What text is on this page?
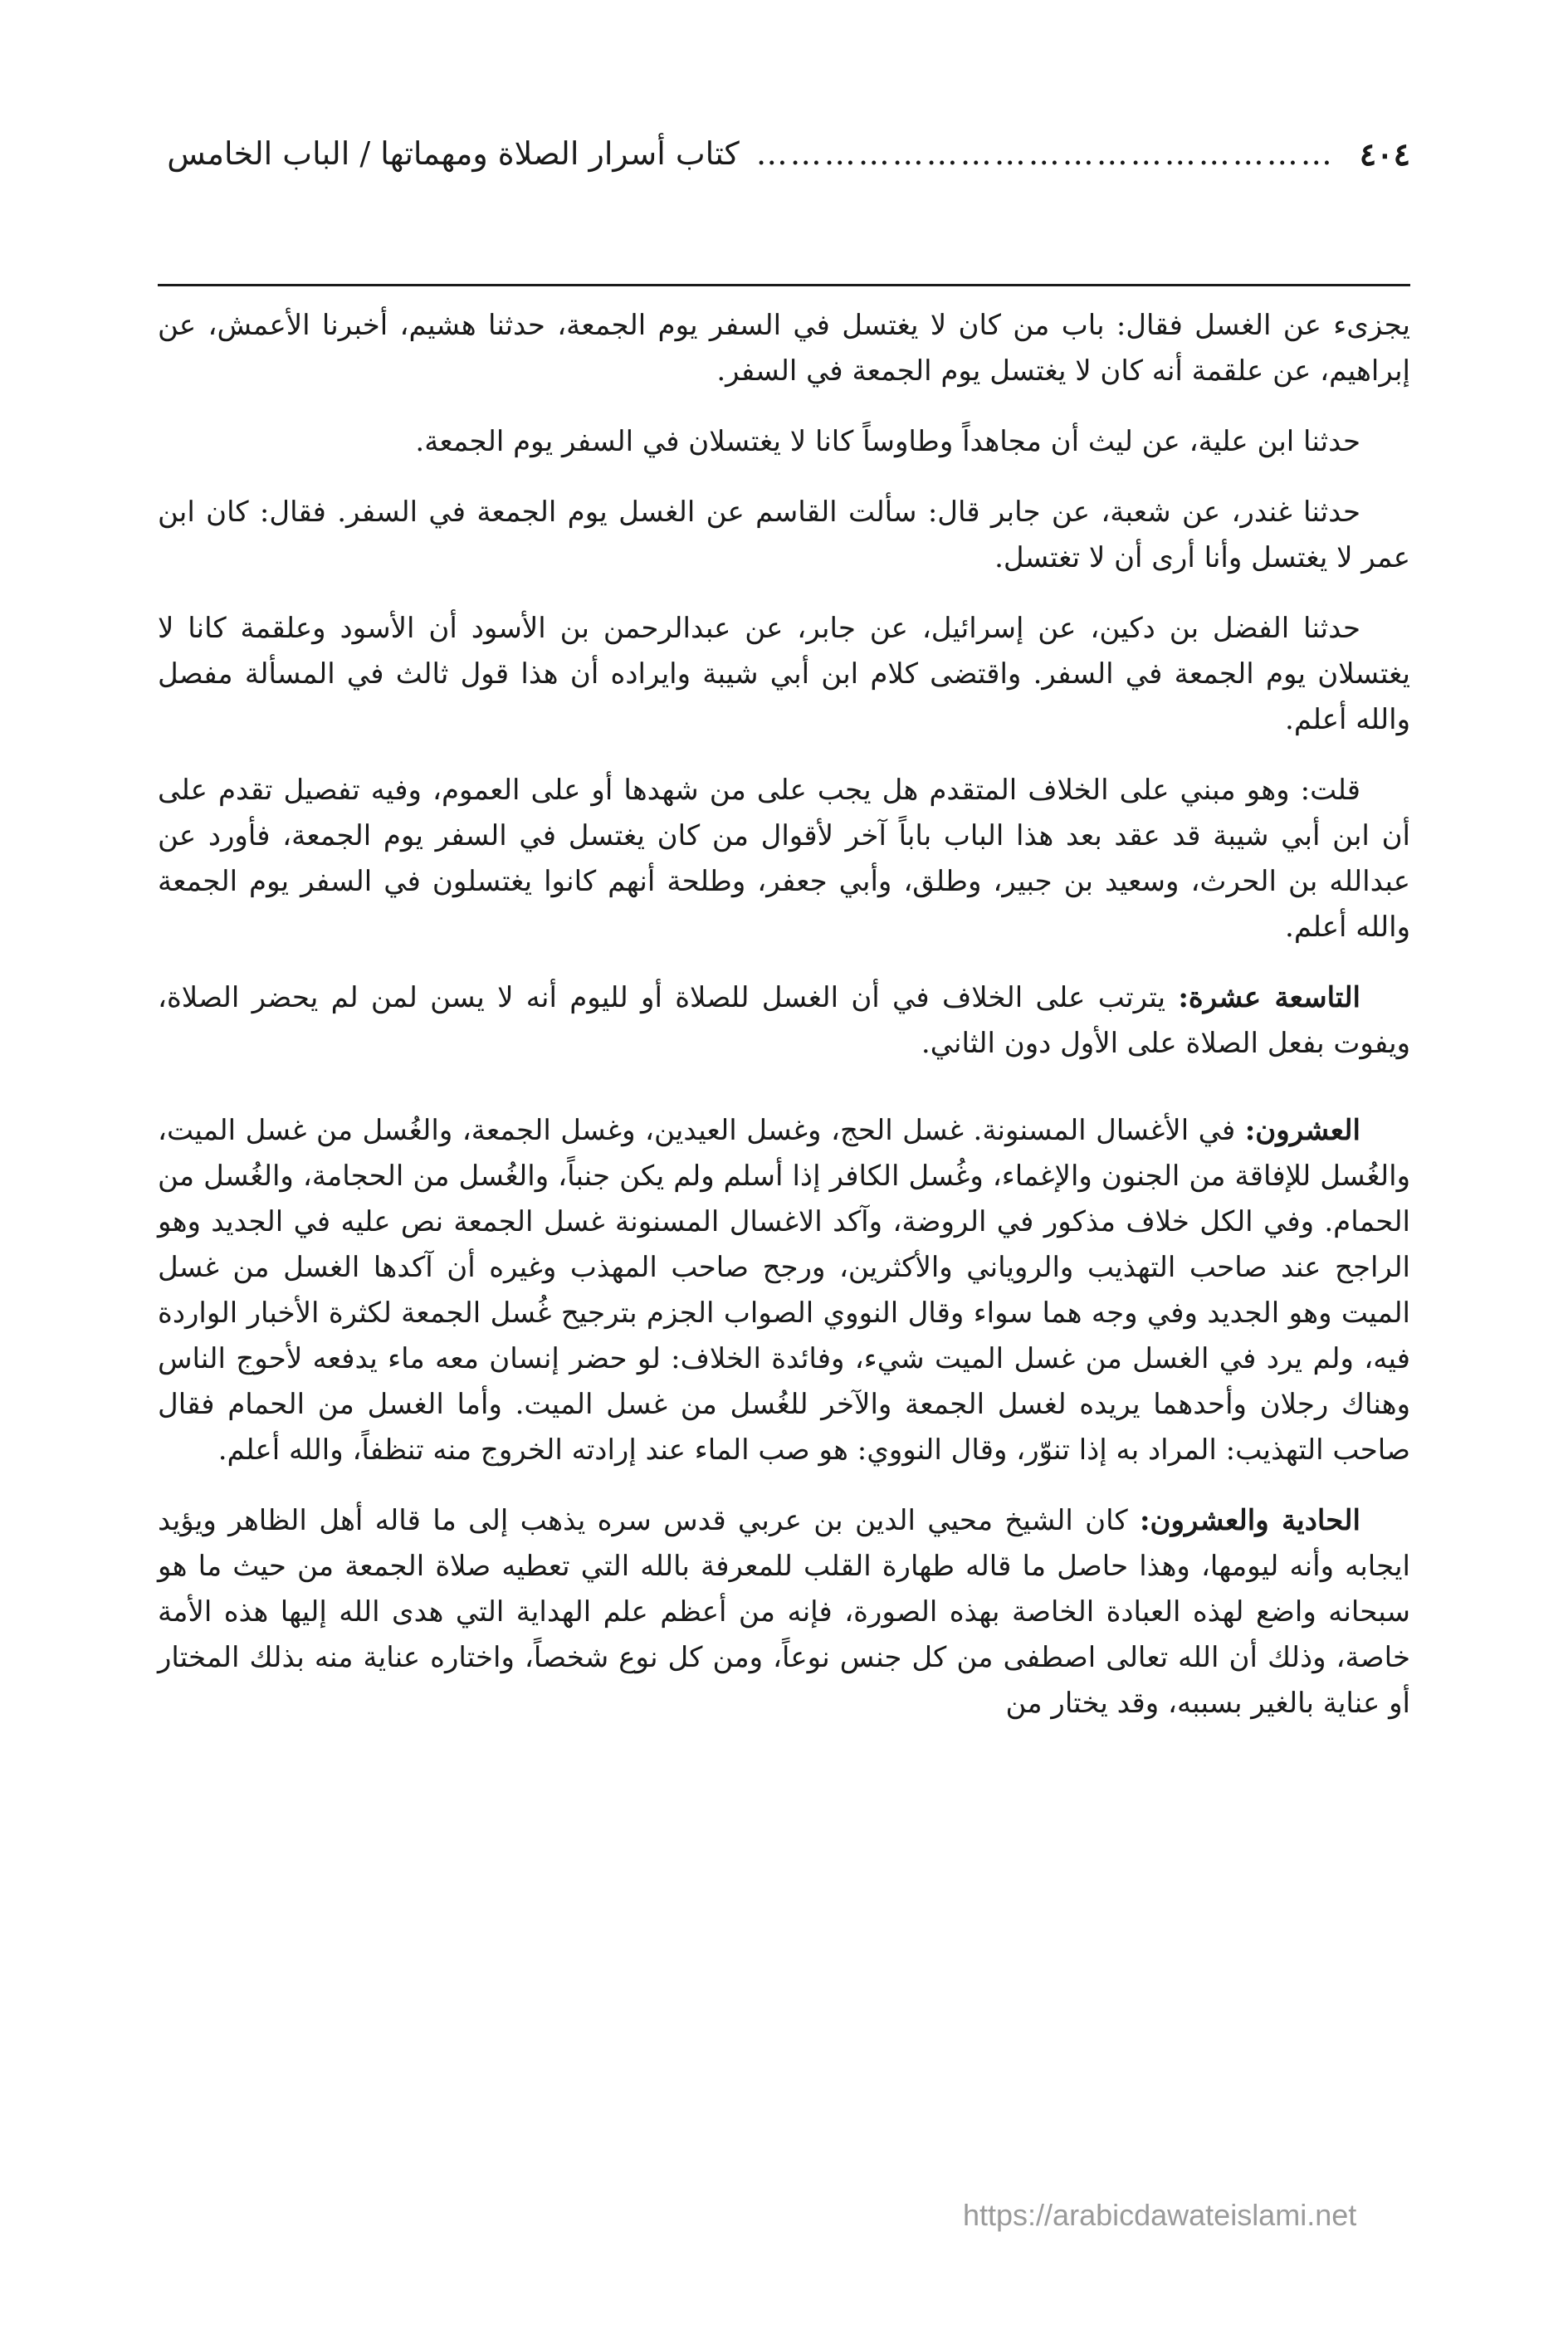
٤٠٤
……………………………………………
كتاب أسرار الصلاة ومهماتها / الباب الخامس

يجزىء عن الغسل فقال: باب من كان لا يغتسل في السفر يوم الجمعة، حدثنا هشيم، أخبرنا الأعمش، عن إبراهيم، عن علقمة أنه كان لا يغتسل يوم الجمعة في السفر.

حدثنا ابن علية، عن ليث أن مجاهداً وطاوساً كانا لا يغتسلان في السفر يوم الجمعة.

حدثنا غندر، عن شعبة، عن جابر قال: سألت القاسم عن الغسل يوم الجمعة في السفر. فقال: كان ابن عمر لا يغتسل وأنا أرى أن لا تغتسل.

حدثنا الفضل بن دكين، عن إسرائيل، عن جابر، عن عبدالرحمن بن الأسود أن الأسود وعلقمة كانا لا يغتسلان يوم الجمعة في السفر. واقتضى كلام ابن أبي شيبة وايراده أن هذا قول ثالث في المسألة مفصل والله أعلم.

قلت: وهو مبني على الخلاف المتقدم هل يجب على من شهدها أو على العموم، وفيه تفصيل تقدم على أن ابن أبي شيبة قد عقد بعد هذا الباب باباً آخر لأقوال من كان يغتسل في السفر يوم الجمعة، فأورد عن عبدالله بن الحرث، وسعيد بن جبير، وطلق، وأبي جعفر، وطلحة أنهم كانوا يغتسلون في السفر يوم الجمعة والله أعلم.

التاسعة عشرة: يترتب على الخلاف في أن الغسل للصلاة أو لليوم أنه لا يسن لمن لم يحضر الصلاة، ويفوت بفعل الصلاة على الأول دون الثاني.

العشرون: في الأغسال المسنونة. غسل الحج، وغسل العيدين، وغسل الجمعة، والغُسل من غسل الميت، والغُسل للإفاقة من الجنون والإغماء، وغُسل الكافر إذا أسلم ولم يكن جنباً، والغُسل من الحجامة، والغُسل من الحمام. وفي الكل خلاف مذكور في الروضة، وآكد الاغسال المسنونة غسل الجمعة نص عليه في الجديد وهو الراجح عند صاحب التهذيب والروياني والأكثرين، ورجح صاحب المهذب وغيره أن آكدها الغسل من غسل الميت وهو الجديد وفي وجه هما سواء وقال النووي الصواب الجزم بترجيح غُسل الجمعة لكثرة الأخبار الواردة فيه، ولم يرد في الغسل من غسل الميت شيء، وفائدة الخلاف: لو حضر إنسان معه ماء يدفعه لأحوج الناس وهناك رجلان وأحدهما يريده لغسل الجمعة والآخر للغُسل من غسل الميت. وأما الغسل من الحمام فقال صاحب التهذيب: المراد به إذا تنوّر، وقال النووي: هو صب الماء عند إرادته الخروج منه تنظفاً، والله أعلم.

الحادية والعشرون: كان الشيخ محيي الدين بن عربي قدس سره يذهب إلى ما قاله أهل الظاهر ويؤيد ايجابه وأنه ليومها، وهذا حاصل ما قاله طهارة القلب للمعرفة بالله التي تعطيه صلاة الجمعة من حيث ما هو سبحانه واضع لهذه العبادة الخاصة بهذه الصورة، فإنه من أعظم علم الهداية التي هدى الله إليها هذه الأمة خاصة، وذلك أن الله تعالى اصطفى من كل جنس نوعاً، ومن كل نوع شخصاً، واختاره عناية منه بذلك المختار أو عناية بالغير بسببه، وقد يختار من

https://arabicdawateislami.net
